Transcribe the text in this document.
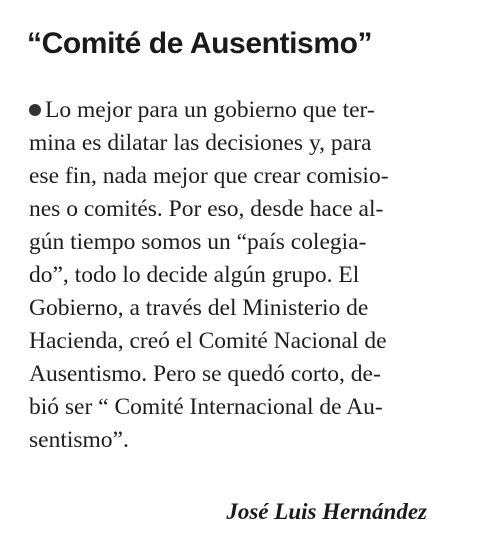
“Comité de Ausentismo”
Lo mejor para un gobierno que ter-
mina es dilatar las decisiones y, para
ese fin, nada mejor que crear comisio-
nes o comités. Por eso, desde hace al-
gún tiempo somos un “país colegia-
do”, todo lo decide algún grupo. El
Gobierno, a través del Ministerio de
Hacienda, creó el Comité Nacional de
Ausentismo. Pero se quedó corto, de-
bió ser “ Comité Internacional de Au-
sentismo”.

José Luis Hernández
